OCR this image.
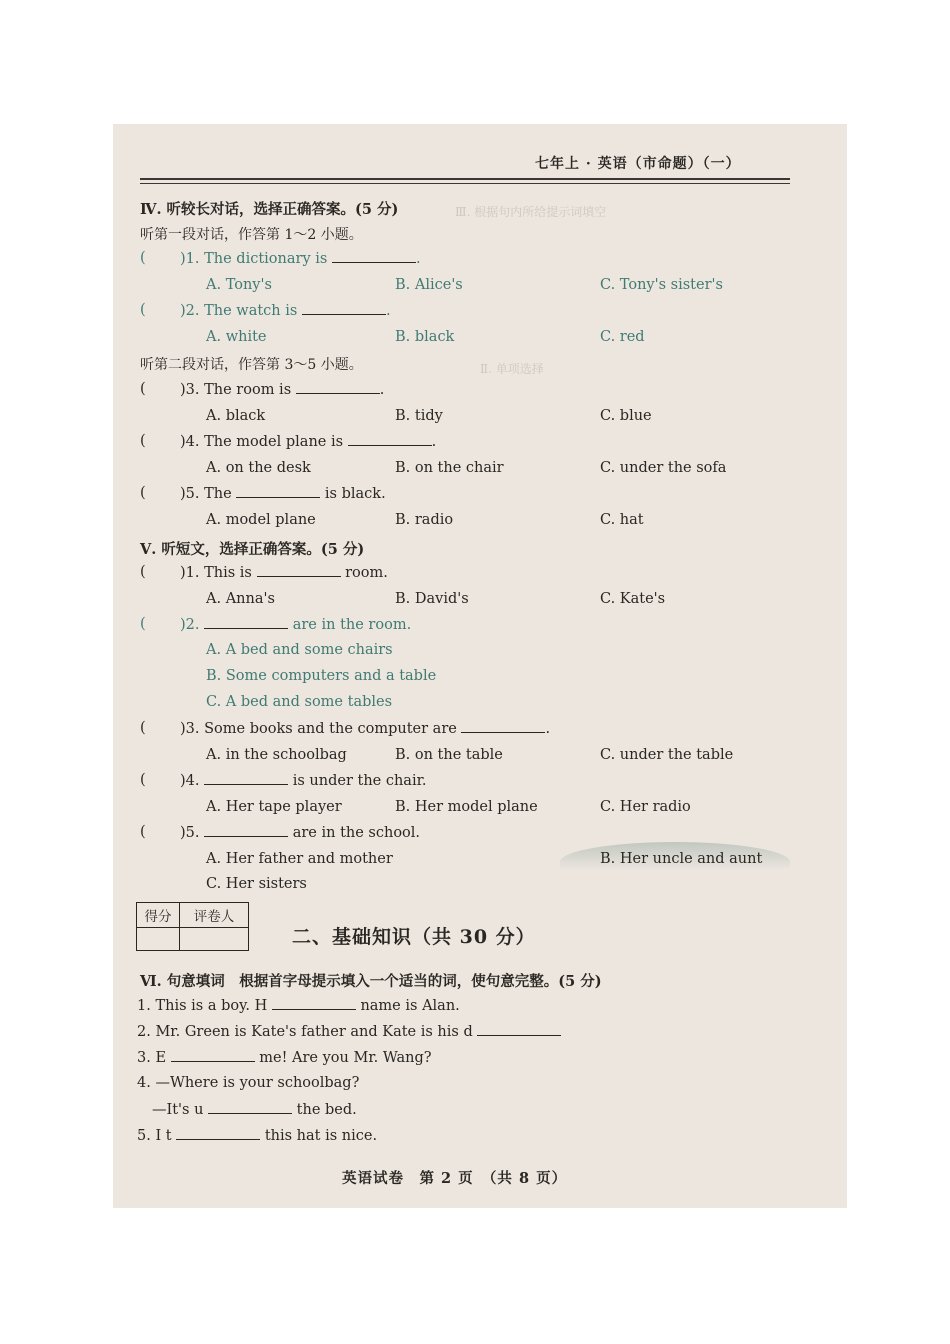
Ⅲ. 根据句内所给提示词填空
Ⅱ. 单项选择
七年上 · 英语（市命题）（一）
Ⅳ. 听较长对话，选择正确答案。(5 分)
听第一段对话，作答第 1～2 小题。
( )1. The dictionary is	.
A. Tony's	B. Alice's	C. Tony's sister's
( )2. The watch is	.
A. white	B. black	C. red
听第二段对话，作答第 3～5 小题。
( )3. The room is	.
A. black	B. tidy	C. blue
( )4. The model plane is	.
A. on the desk	B. on the chair	C. under the sofa
( )5. The	is black.
A. model plane	B. radio	C. hat
Ⅴ. 听短文，选择正确答案。(5 分)
( )1. This is	room.
A. Anna's	B. David's	C. Kate's
( )2.	are in the room.
A. A bed and some chairs
B. Some computers and a table
C. A bed and some tables
( )3. Some books and the computer are	.
A. in the schoolbag	B. on the table	C. under the table
( )4.	is under the chair.
A. Her tape player	B. Her model plane	C. Her radio
( )5.	are in the school.
A. Her father and mother	B. Her uncle and aunt
C. Her sisters
得分	评卷人

二、基础知识（共 30 分）
Ⅵ. 句意填词　根据首字母提示填入一个适当的词，使句意完整。(5 分)
1. This is a boy. H	name is Alan.
2. Mr. Green is Kate's father and Kate is his d
3. E	me! Are you Mr. Wang?
4. —Where is your schoolbag?
—It's u	the bed.
5. I t	this hat is nice.
英语试卷　第 2 页　（共 8 页）
